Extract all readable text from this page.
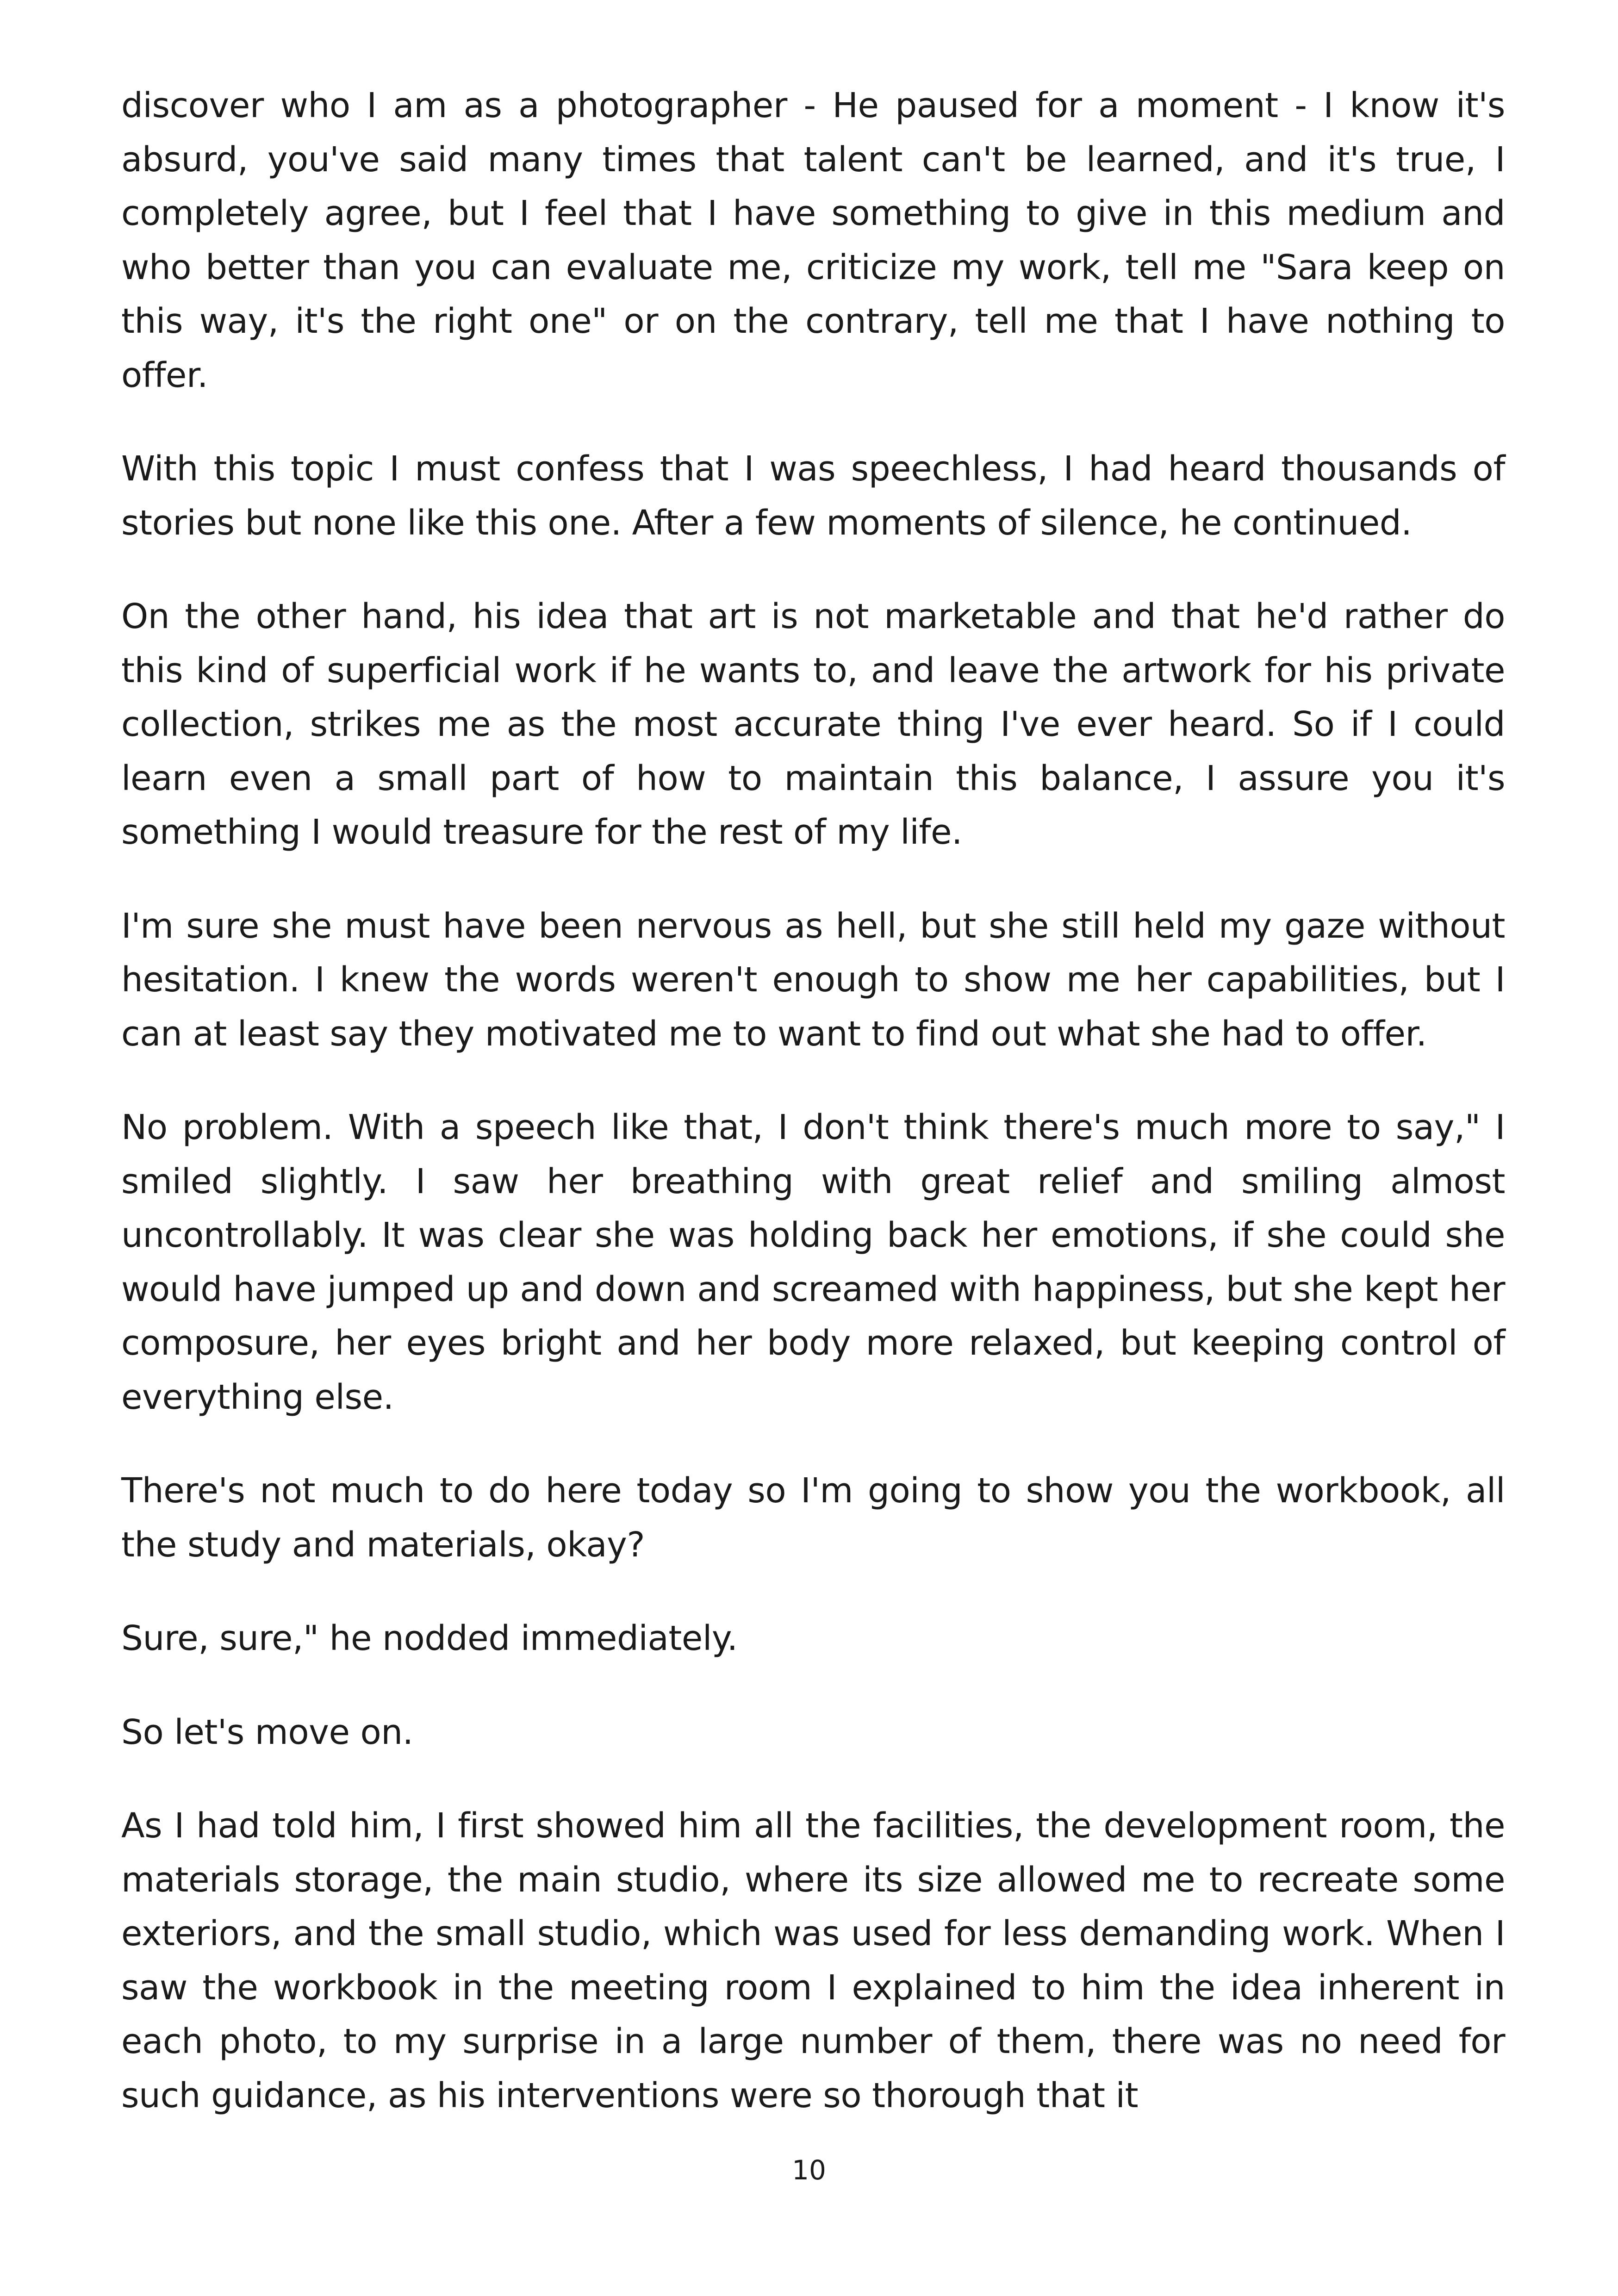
discover who I am as a photographer - He paused for a moment - I know it's absurd, you've said many times that talent can't be learned, and it's true, I completely agree, but I feel that I have something to give in this medium and who better than you can evaluate me, criticize my work, tell me "Sara keep on this way, it's the right one" or on the contrary, tell me that I have nothing to offer.

With this topic I must confess that I was speechless, I had heard thousands of stories but none like this one. After a few moments of silence, he continued.

On the other hand, his idea that art is not marketable and that he'd rather do this kind of superficial work if he wants to, and leave the artwork for his private collection, strikes me as the most accurate thing I've ever heard. So if I could learn even a small part of how to maintain this balance, I assure you it's something I would treasure for the rest of my life.

I'm sure she must have been nervous as hell, but she still held my gaze without hesitation. I knew the words weren't enough to show me her capabilities, but I can at least say they motivated me to want to find out what she had to offer.

No problem. With a speech like that, I don't think there's much more to say," I smiled slightly. I saw her breathing with great relief and smiling almost uncontrollably. It was clear she was holding back her emotions, if she could she would have jumped up and down and screamed with happiness, but she kept her composure, her eyes bright and her body more relaxed, but keeping control of everything else.

There's not much to do here today so I'm going to show you the workbook, all the study and materials, okay?

Sure, sure," he nodded immediately.

So let's move on.

As I had told him, I first showed him all the facilities, the development room, the materials storage, the main studio, where its size allowed me to recreate some exteriors, and the small studio, which was used for less demanding work. When I saw the workbook in the meeting room I explained to him the idea inherent in each photo, to my surprise in a large number of them, there was no need for such guidance, as his interventions were so thorough that it

10
